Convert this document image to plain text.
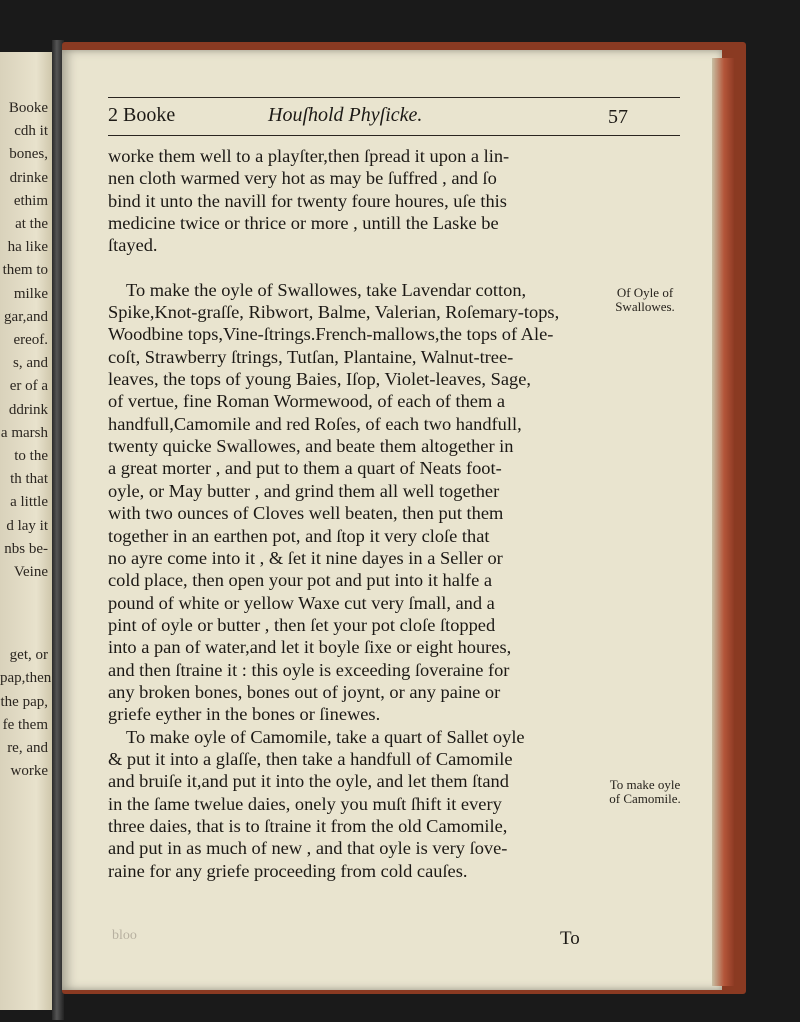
Booke
cdh it
bones,
drinke
ethim
at the
ha like
them to
milke
gar,and
ereof.
s, and
er of a
ddrink
a marsh
to the
th that
a little
d lay it
nbs be-
Veine
get, or
pap,then
the pap,
fe them
re, and
worke
2 Booke	Houſhold Phyſicke.	57
worke them well to a playſter,then ſpread it upon a lin-
nen cloth warmed very hot as may be ſuffred , and ſo
bind it unto the navill for twenty foure houres, uſe this
medicine twice or thrice or more , untill the Laske be
ſtayed.
To make the oyle of Swallowes, take Lavendar cotton,
Spike,Knot-graſſe, Ribwort, Balme, Valerian, Roſemary-tops,
Woodbine tops,Vine-ſtrings.French-mallows,the tops of Ale-
coſt, Strawberry ſtrings, Tutſan, Plantaine, Walnut-tree-
leaves, the tops of young Baies, Iſop, Violet-leaves, Sage,
of vertue, fine Roman Wormewood, of each of them a
handfull,Camomile and red Roſes, of each two handfull,
twenty quicke Swallowes, and beate them altogether in
a great morter , and put to them a quart of Neats foot-
oyle, or May butter , and grind them all well together
with two ounces of Cloves well beaten, then put them
together in an earthen pot, and ſtop it very cloſe that
no ayre come into it , & ſet it nine dayes in a Seller or
cold place, then open your pot and put into it halfe a
pound of white or yellow Waxe cut very ſmall, and a
pint of oyle or butter , then ſet your pot cloſe ſtopped
into a pan of water,and let it boyle ſixe or eight houres,
and then ſtraine it : this oyle is exceeding ſoveraine for
any broken bones, bones out of joynt, or any paine or
griefe eyther in the bones or ſinewes.
To make oyle of Camomile, take a quart of Sallet oyle
& put it into a glaſſe, then take a handfull of Camomile
and bruiſe it,and put it into the oyle, and let them ſtand
in the ſame twelue daies, onely you muſt ſhift it every
three daies, that is to ſtraine it from the old Camomile,
and put in as much of new , and that oyle is very ſove-
raine for any griefe proceeding from cold cauſes.
Of Oyle of Swallowes.
To make oyle of Camomile.
bloo	To
